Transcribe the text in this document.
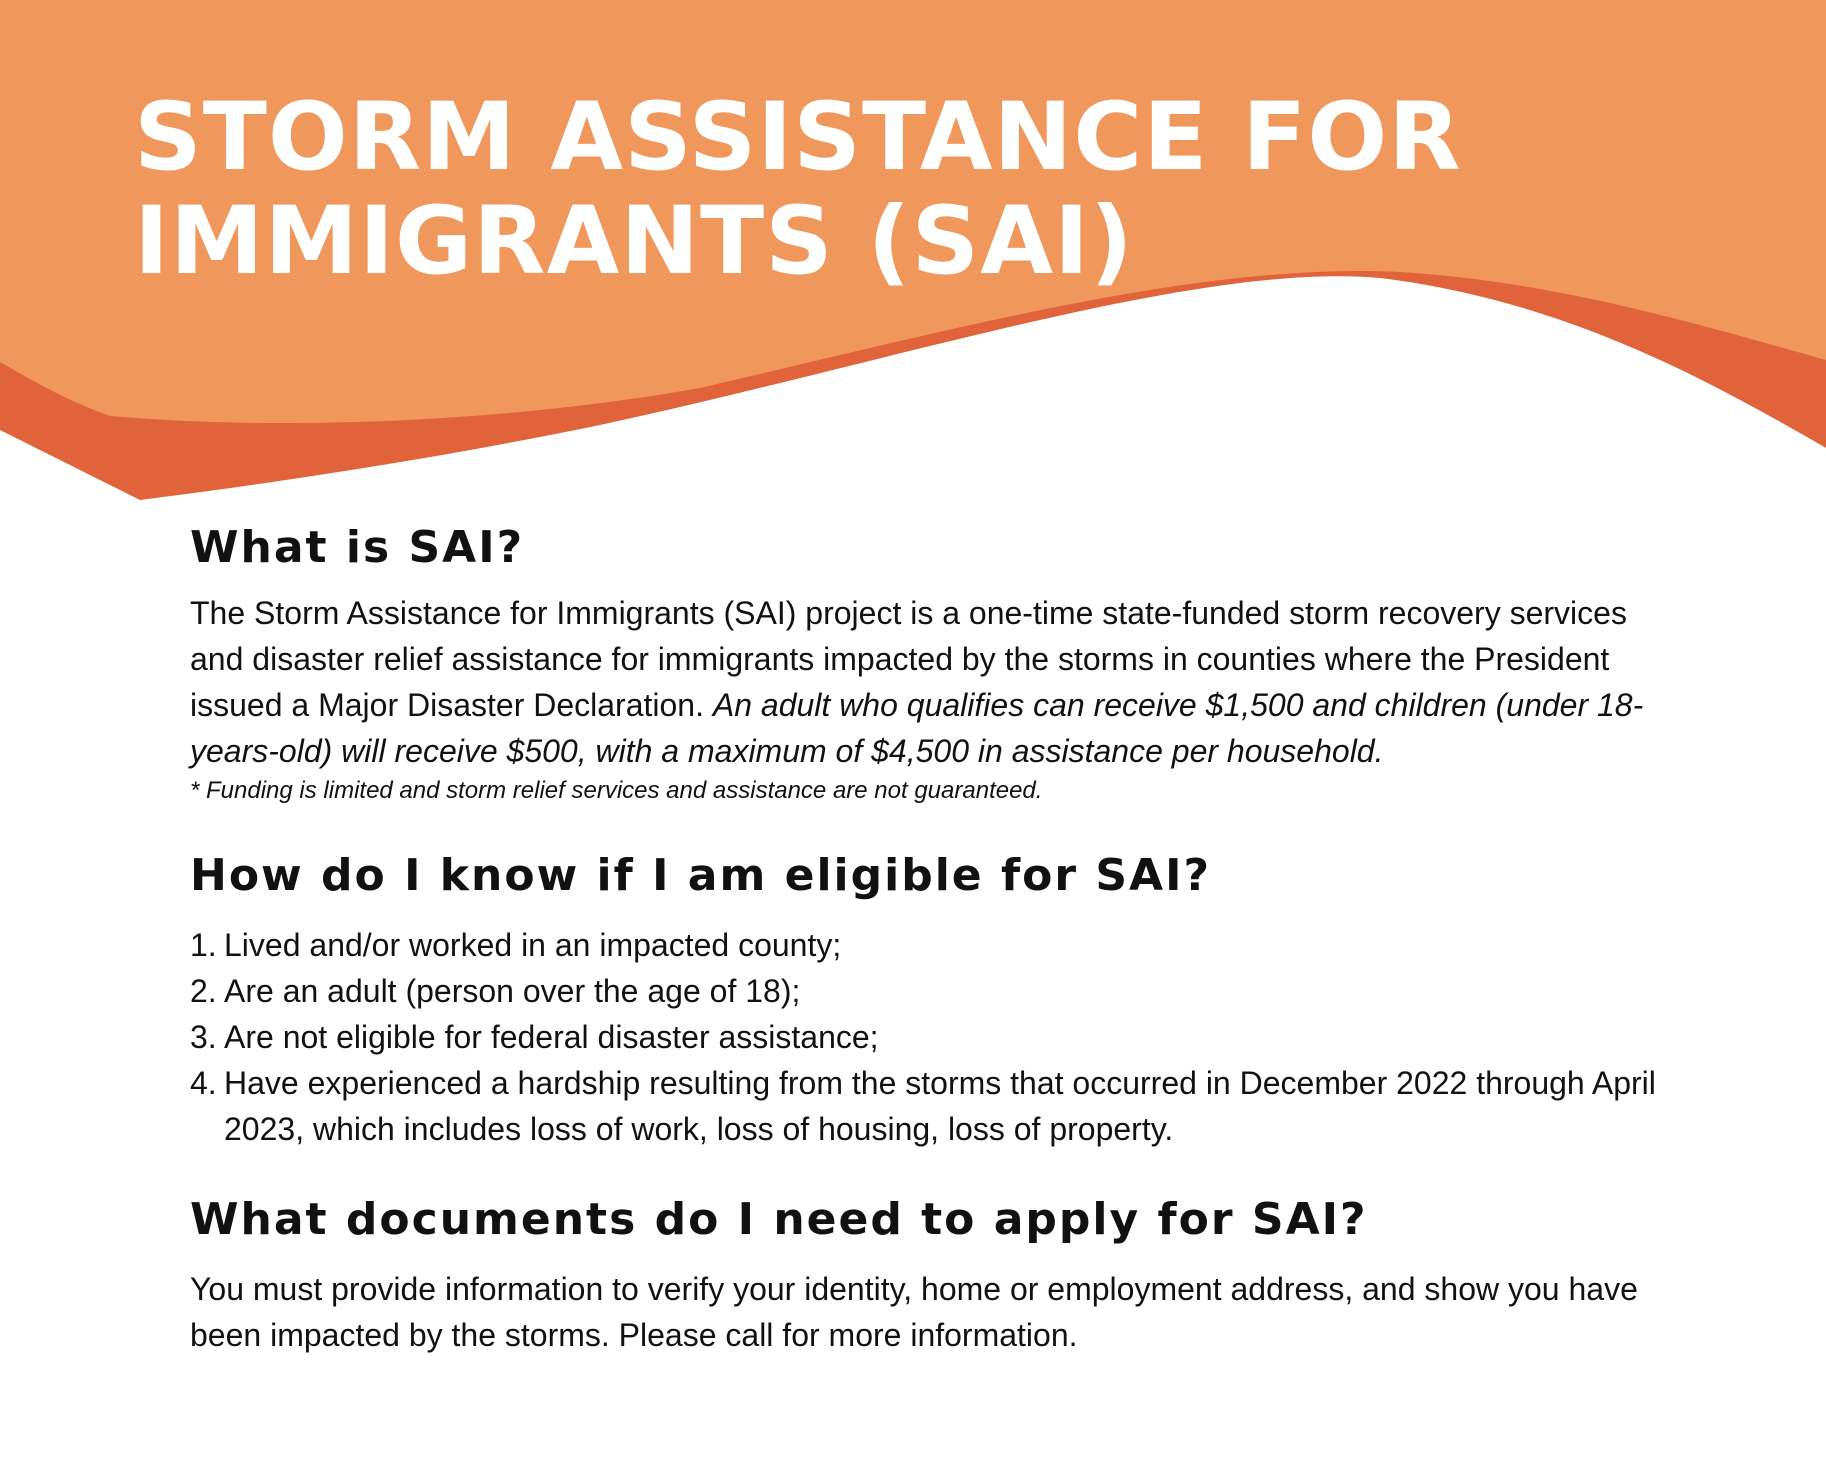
STORM ASSISTANCE FOR
IMMIGRANTS (SAI)
What is SAI?

The Storm Assistance for Immigrants (SAI) project is a one-time state-funded storm recovery services and disaster relief assistance for immigrants impacted by the storms in counties where the President issued a Major Disaster Declaration. An adult who qualifies can receive $1,500 and children (under 18-years-old) will receive $500, with a maximum of $4,500 in assistance per household.

* Funding is limited and storm relief services and assistance are not guaranteed.

How do I know if I am eligible for SAI?
1. Lived and/or worked in an impacted county;
2. Are an adult (person over the age of 18);
3. Are not eligible for federal disaster assistance;
4. Have experienced a hardship resulting from the storms that occurred in December 2022 through April 2023, which includes loss of work, loss of housing, loss of property.
What documents do I need to apply for SAI?

You must provide information to verify your identity, home or employment address, and show you have been impacted by the storms. Please call for more information.
